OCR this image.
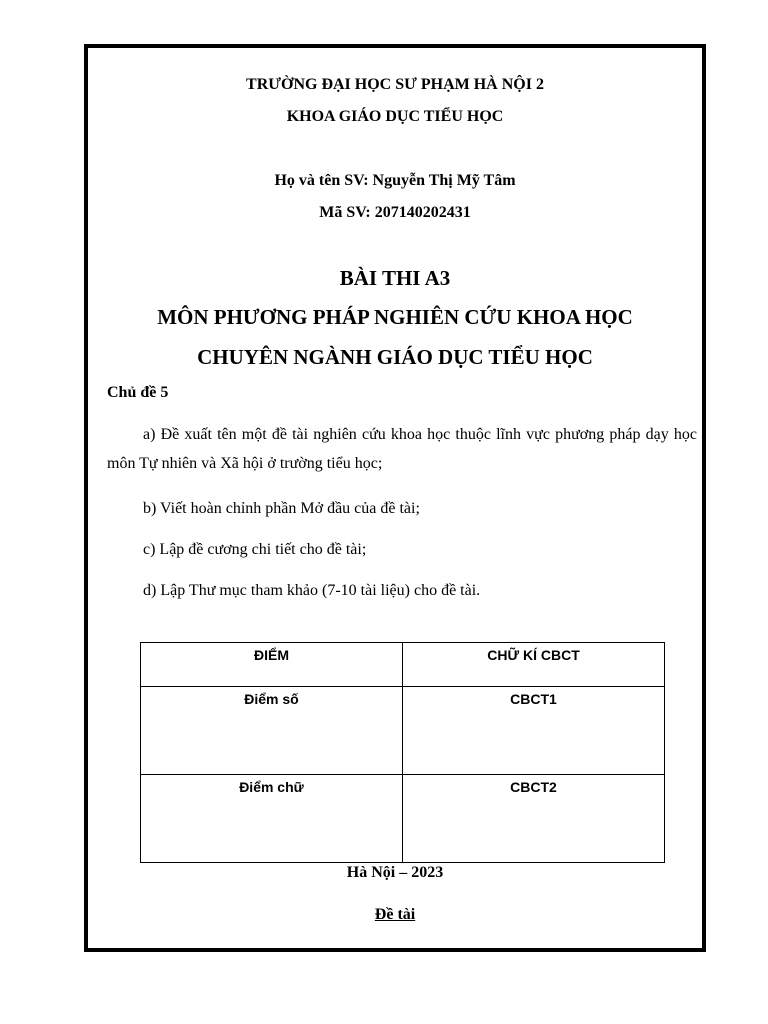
TRƯỜNG ĐẠI HỌC SƯ PHẠM HÀ NỘI 2
KHOA GIÁO DỤC TIỂU HỌC
Họ và tên SV: Nguyễn Thị Mỹ Tâm
Mã SV: 207140202431
BÀI THI A3
MÔN PHƯƠNG PHÁP NGHIÊN CỨU KHOA HỌC
CHUYÊN NGÀNH GIÁO DỤC TIỂU HỌC
Chủ đề 5
a) Đề xuất tên một đề tài nghiên cứu khoa học thuộc lĩnh vực phương pháp dạy học môn Tự nhiên và Xã hội ở trường tiểu học;
b) Viết hoàn chỉnh phần Mở đầu của đề tài;
c) Lập đề cương chi tiết cho đề tài;
d) Lập Thư mục tham khảo (7-10 tài liệu) cho đề tài.
ĐIỂM	CHỮ KÍ CBCT
Điểm số	CBCT1
Điểm chữ	CBCT2
Hà Nội – 2023
Đề tài
